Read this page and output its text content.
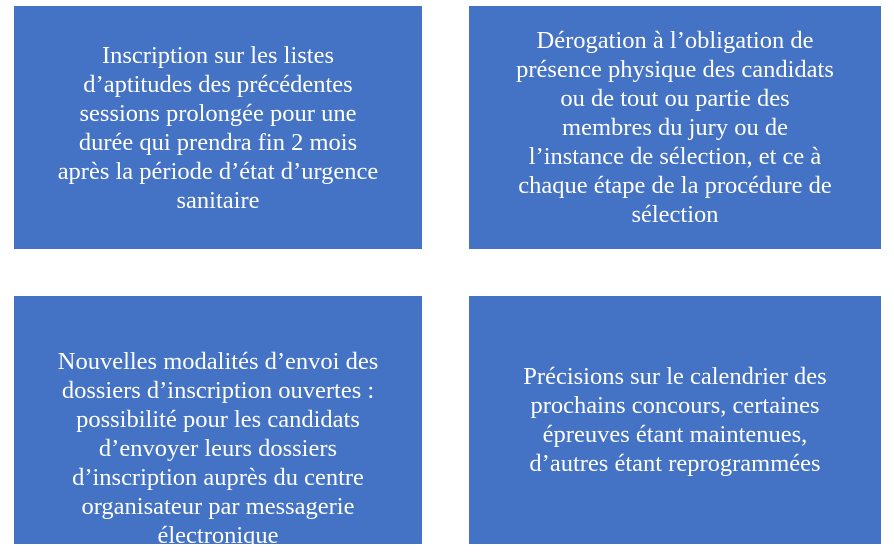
Inscription sur les listes
d’aptitudes des précédentes
sessions prolongée pour une
durée qui prendra fin 2 mois
après la période d’état d’urgence
sanitaire
Dérogation à l’obligation de
présence physique des candidats
ou de tout ou partie des
membres du jury ou de
l’instance de sélection, et ce à
chaque étape de la procédure de
sélection
Nouvelles modalités d’envoi des
dossiers d’inscription ouvertes :
possibilité pour les candidats
d’envoyer leurs dossiers
d’inscription auprès du centre
organisateur par messagerie
électronique
Précisions sur le calendrier des
prochains concours, certaines
épreuves étant maintenues,
d’autres étant reprogrammées
